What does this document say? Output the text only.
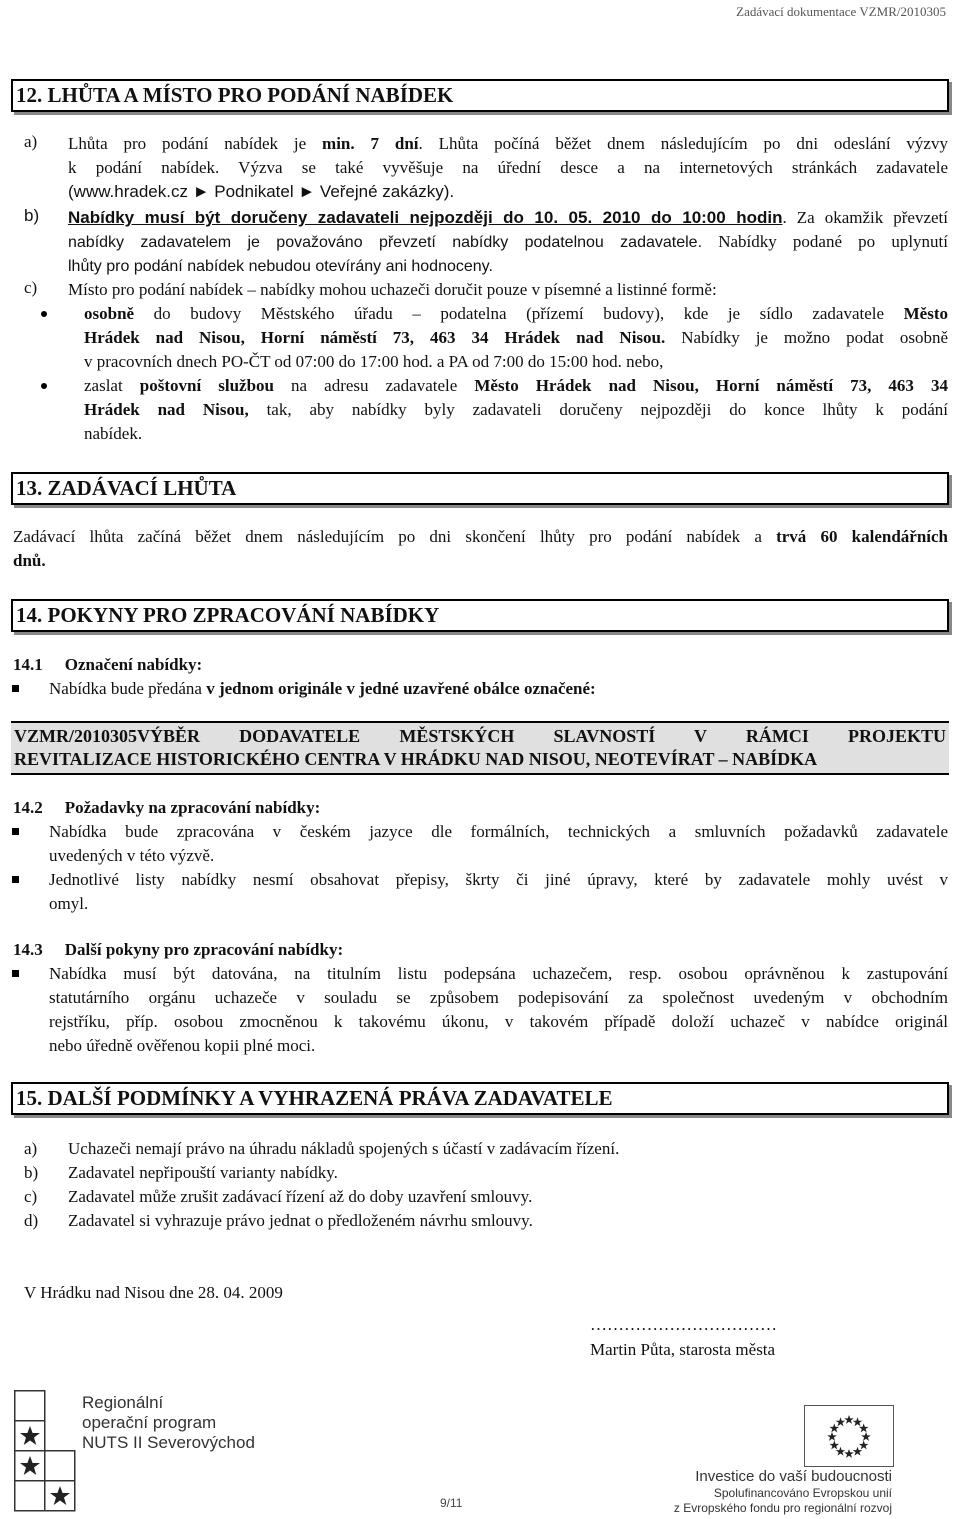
Zadávací dokumentace VZMR/2010305
12. LHŮTA A MÍSTO PRO PODÁNÍ NABÍDEK
a) Lhůta pro podání nabídek je min. 7 dní. Lhůta počíná běžet dnem následujícím po dni odeslání výzvy
k podání nabídek. Výzva se také vyvěšuje na úřední desce a na internetových stránkách zadavatele
(www.hradek.cz ► Podnikatel ► Veřejné zakázky).
b) Nabídky musí být doručeny zadavateli nejpozději do 10. 05. 2010 do 10:00 hodin. Za okamžik převzetí
nabídky zadavatelem je považováno převzetí nabídky podatelnou zadavatele. Nabídky podané po uplynutí
lhůty pro podání nabídek nebudou otevírány ani hodnoceny.
c) Místo pro podání nabídek – nabídky mohou uchazeči doručit pouze v písemné a listinné formě:
osobně do budovy Městského úřadu – podatelna (přízemí budovy), kde je sídlo zadavatele Město
Hrádek nad Nisou, Horní náměstí 73, 463 34 Hrádek nad Nisou. Nabídky je možno podat osobně
v pracovních dnech PO-ČT od 07:00 do 17:00 hod. a PA od 7:00 do 15:00 hod. nebo,
zaslat poštovní službou na adresu zadavatele Město Hrádek nad Nisou, Horní náměstí 73, 463 34
Hrádek nad Nisou, tak, aby nabídky byly zadavateli doručeny nejpozději do konce lhůty k podání
nabídek.
13. ZADÁVACÍ LHŮTA
Zadávací lhůta začíná běžet dnem následujícím po dni skončení lhůty pro podání nabídek a trvá 60 kalendářních
dnů.
14. POKYNY PRO ZPRACOVÁNÍ NABÍDKY
14.1 Označení nabídky:
Nabídka bude předána v jednom originále v jedné uzavřené obálce označené:
VZMR/2010305VÝBĚR DODAVATELE MĚSTSKÝCH SLAVNOSTÍ V RÁMCI PROJEKTU
REVITALIZACE HISTORICKÉHO CENTRA V HRÁDKU NAD NISOU, NEOTEVÍRAT – NABÍDKA
14.2 Požadavky na zpracování nabídky:
Nabídka bude zpracována v českém jazyce dle formálních, technických a smluvních požadavků zadavatele
uvedených v této výzvě.
Jednotlivé listy nabídky nesmí obsahovat přepisy, škrty či jiné úpravy, které by zadavatele mohly uvést v
omyl.
14.3 Další pokyny pro zpracování nabídky:
Nabídka musí být datována, na titulním listu podepsána uchazečem, resp. osobou oprávněnou k zastupování
statutárního orgánu uchazeče v souladu se způsobem podepisování za společnost uvedeným v obchodním
rejstříku, příp. osobou zmocněnou k takovému úkonu, v takovém případě doloží uchazeč v nabídce originál
nebo úředně ověřenou kopii plné moci.
15. DALŠÍ PODMÍNKY A VYHRAZENÁ PRÁVA ZADAVATELE
a) Uchazeči nemají právo na úhradu nákladů spojených s účastí v zadávacím řízení.
b) Zadavatel nepřipouští varianty nabídky.
c) Zadavatel může zrušit zadávací řízení až do doby uzavření smlouvy.
d) Zadavatel si vyhrazuje právo jednat o předloženém návrhu smlouvy.
V Hrádku nad Nisou dne 28. 04. 2009
……………………………
Martin Půta, starosta města
Regionální
operační program
NUTS II Severovýchod
9/11
Investice do vaší budoucnosti
Spolufinancováno Evropskou unií
z Evropského fondu pro regionální rozvoj
